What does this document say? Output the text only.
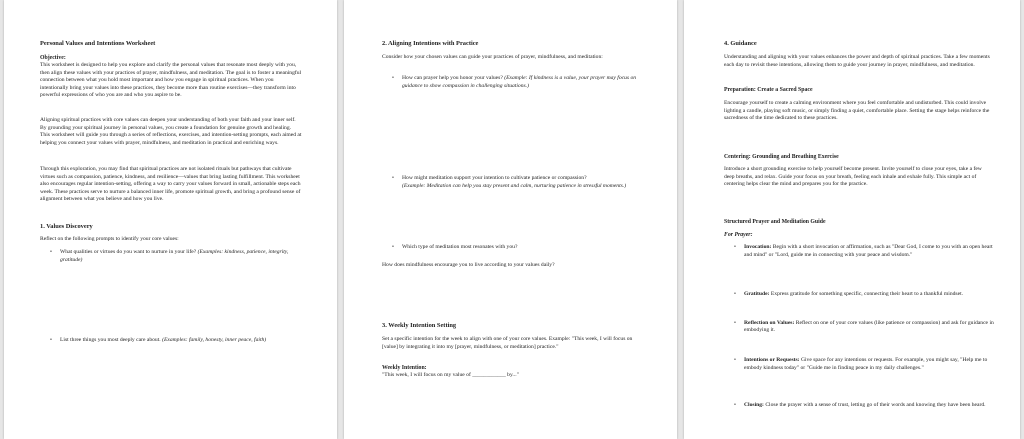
Personal Values and Intentions Worksheet

Objective:

This worksheet is designed to help you explore and clarify the personal values that resonate most deeply with you, then align these values with your practices of prayer, mindfulness, and meditation. The goal is to foster a meaningful connection between what you hold most important and how you engage in spiritual practices. When you intentionally bring your values into these practices, they become more than routine exercises—they transform into powerful expressions of who you are and who you aspire to be.

Aligning spiritual practices with core values can deepen your understanding of both your faith and your inner self. By grounding your spiritual journey in personal values, you create a foundation for genuine growth and healing. This worksheet will guide you through a series of reflections, exercises, and intention-setting prompts, each aimed at helping you connect your values with prayer, mindfulness, and meditation in practical and enriching ways.

Through this exploration, you may find that spiritual practices are not isolated rituals but pathways that cultivate virtues such as compassion, patience, kindness, and resilience—values that bring lasting fulfillment. This worksheet also encourages regular intention-setting, offering a way to carry your values forward in small, actionable steps each week. These practices serve to nurture a balanced inner life, promote spiritual growth, and bring a profound sense of alignment between what you believe and how you live.

1. Values Discovery

Reflect on the following prompts to identify your core values:

• What qualities or virtues do you want to nurture in your life? (Examples: kindness, patience, integrity, gratitude)

• List three things you most deeply care about. (Examples: family, honesty, inner peace, faith)

2. Aligning Intentions with Practice

Consider how your chosen values can guide your practices of prayer, mindfulness, and meditation:

• How can prayer help you honor your values? (Example: If kindness is a value, your prayer may focus on guidance to show compassion in challenging situations.)

• How might meditation support your intention to cultivate patience or compassion?
(Example: Meditation can help you stay present and calm, nurturing patience in stressful moments.)

• Which type of meditation most resonates with you?

How does mindfulness encourage you to live according to your values daily?

3. Weekly Intention Setting

Set a specific intention for the week to align with one of your core values. Example: "This week, I will focus on [value] by integrating it into my [prayer, mindfulness, or meditation] practice."

Weekly Intention:

"This week, I will focus on my value of ____________ by..."

4. Guidance

Understanding and aligning with your values enhances the power and depth of spiritual practices. Take a few moments each day to revisit these intentions, allowing them to guide your journey in prayer, mindfulness, and meditation.

Preparation: Create a Sacred Space

Encourage yourself to create a calming environment where you feel comfortable and undisturbed. This could involve lighting a candle, playing soft music, or simply finding a quiet, comfortable place. Setting the stage helps reinforce the sacredness of the time dedicated to these practices.

Centering: Grounding and Breathing Exercise

Introduce a short grounding exercise to help yourself become present. Invite yourself to close your eyes, take a few deep breaths, and relax. Guide your focus on your breath, feeling each inhale and exhale fully. This simple act of centering helps clear the mind and prepares you for the practice.

Structured Prayer and Meditation Guide

For Prayer:

• Invocation: Begin with a short invocation or affirmation, such as "Dear God, I come to you with an open heart and mind" or "Lord, guide me in connecting with your peace and wisdom."

• Gratitude: Express gratitude for something specific, connecting their heart to a thankful mindset.

• Reflection on Values: Reflect on one of your core values (like patience or compassion) and ask for guidance in embodying it.

• Intentions or Requests: Give space for any intentions or requests. For example, you might say, "Help me to embody kindness today" or "Guide me in finding peace in my daily challenges."

• Closing: Close the prayer with a sense of trust, letting go of their words and knowing they have been heard.
